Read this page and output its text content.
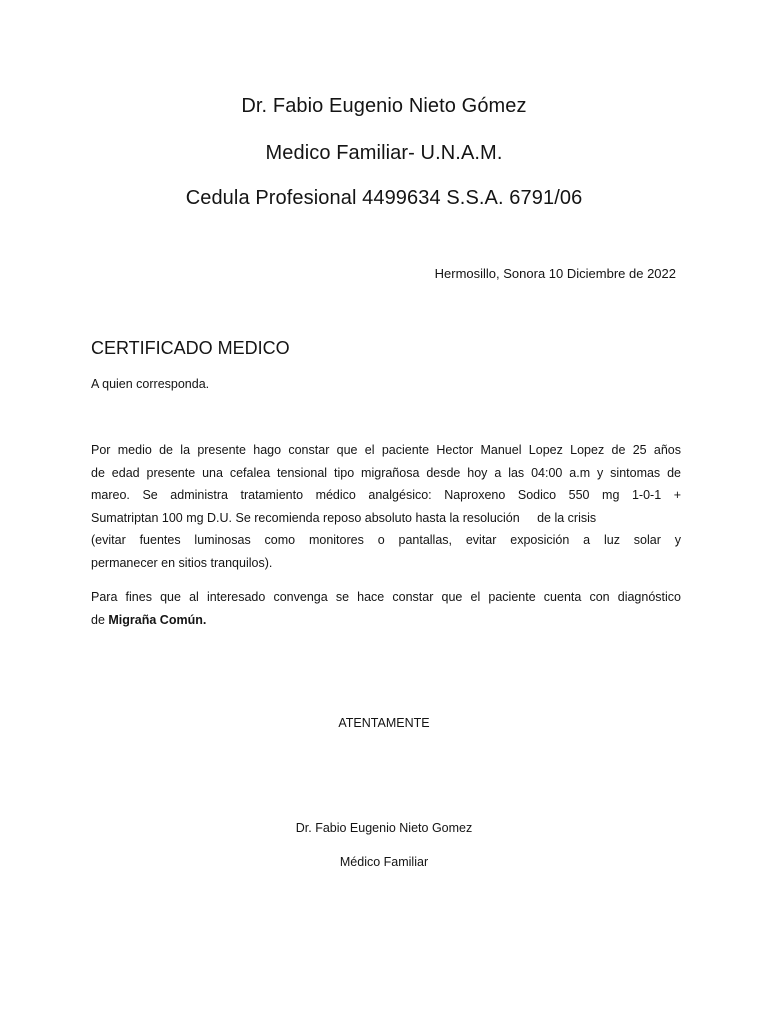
Dr. Fabio Eugenio Nieto Gómez
Medico Familiar- U.N.A.M.
Cedula Profesional 4499634 S.S.A. 6791/06
Hermosillo, Sonora 10 Diciembre de 2022
CERTIFICADO MEDICO
A quien corresponda.
Por medio de la presente hago constar que el paciente Hector Manuel Lopez Lopez de 25 años
de edad presente una cefalea tensional tipo migrañosa desde hoy a las 04:00 a.m y sintomas de
mareo. Se administra tratamiento médico analgésico: Naproxeno Sodico 550 mg 1-0-1 +
Sumatriptan 100 mg D.U. Se recomienda reposo absoluto hasta la resolución     de la crisis
(evitar fuentes luminosas como monitores o pantallas, evitar exposición a luz solar y
permanecer en sitios tranquilos).
Para fines que al interesado convenga se hace constar que el paciente cuenta con diagnóstico
de Migraña Común.
ATENTAMENTE
Dr. Fabio Eugenio Nieto Gomez
Médico Familiar
